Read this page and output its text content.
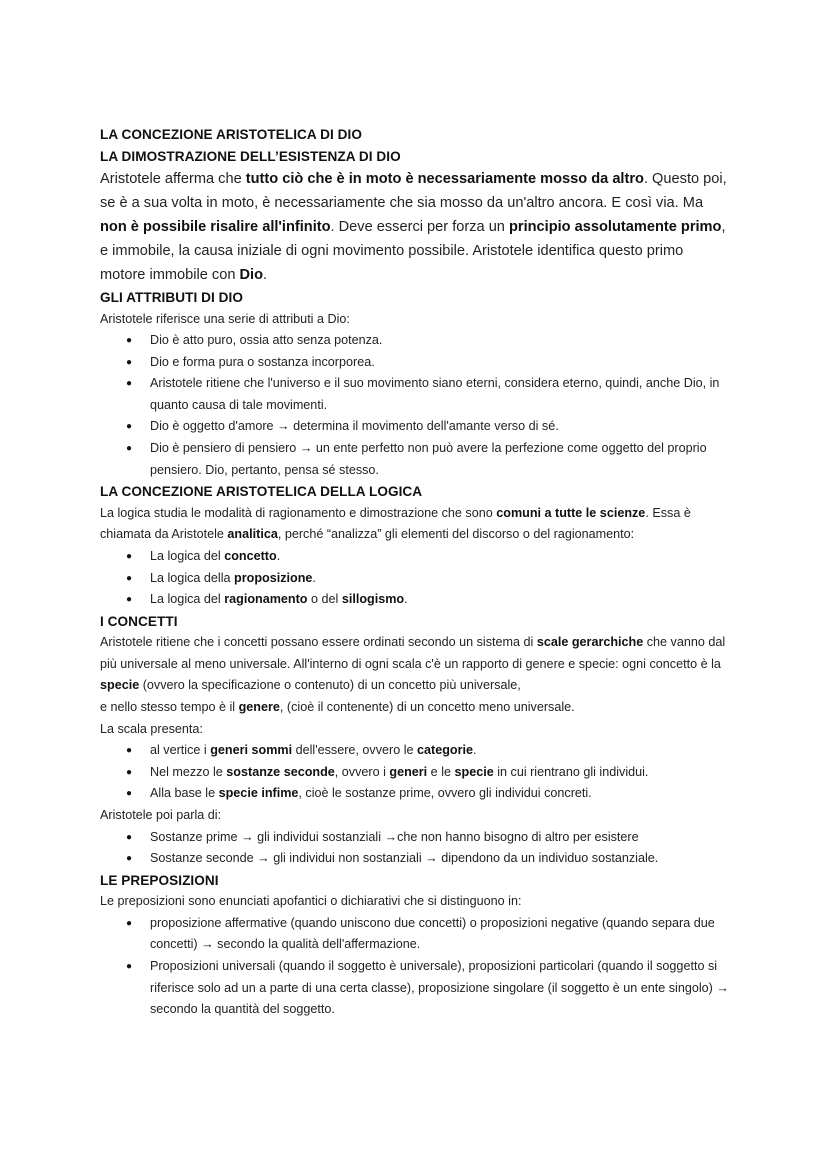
LA CONCEZIONE ARISTOTELICA DI DIO
LA DIMOSTRAZIONE DELL’ESISTENZA DI DIO

Aristotele afferma che tutto ciò che è in moto è necessariamente mosso da altro. Questo poi, se è a sua volta in moto, è necessariamente che sia mosso da un'altro ancora. E così via. Ma non è possibile risalire all'infinito. Deve esserci per forza un principio assolutamente primo, e immobile, la causa iniziale di ogni movimento possibile. Aristotele identifica questo primo motore immobile con Dio.

GLI ATTRIBUTI DI DIO

Aristotele riferisce una serie di attributi a Dio:

● Dio è atto puro, ossia atto senza potenza.
● Dio e forma pura o sostanza incorporea.
● Aristotele ritiene che l'universo e il suo movimento siano eterni, considera eterno, quindi, anche Dio, in quanto causa di tale movimenti.
● Dio è oggetto d'amore → determina il movimento dell'amante verso di sé.
● Dio è pensiero di pensiero → un ente perfetto non può avere la perfezione come oggetto del proprio pensiero. Dio, pertanto, pensa sé stesso.
LA CONCEZIONE ARISTOTELICA DELLA LOGICA

La logica studia le modalità di ragionamento e dimostrazione che sono comuni a tutte le scienze. Essa è chiamata da Aristotele analitica, perché “analizza” gli elementi del discorso o del ragionamento:

● La logica del concetto.
● La logica della proposizione.
● La logica del ragionamento o del sillogismo.
I CONCETTI

Aristotele ritiene che i concetti possano essere ordinati secondo un sistema di scale gerarchiche che vanno dal più universale al meno universale. All'interno di ogni scala c'è un rapporto di genere e specie: ogni concetto è la specie (ovvero la specificazione o contenuto) di un concetto più universale,
e nello stesso tempo è il genere, (cioè il contenente) di un concetto meno universale.

La scala presenta:

● al vertice i generi sommi dell'essere, ovvero le categorie.
● Nel mezzo le sostanze seconde, ovvero i generi e le specie in cui rientrano gli individui.
● Alla base le specie infime, cioè le sostanze prime, ovvero gli individui concreti.

Aristotele poi parla di:

● Sostanze prime → gli individui sostanziali →che non hanno bisogno di altro per esistere
● Sostanze seconde → gli individui non sostanziali → dipendono da un individuo sostanziale.
LE PREPOSIZIONI

Le preposizioni sono enunciati apofantici o dichiarativi che si distinguono in:

● proposizione affermative (quando uniscono due concetti) o proposizioni negative (quando separa due concetti) → secondo la qualità dell'affermazione.
● Proposizioni universali (quando il soggetto è universale), proposizioni particolari (quando il soggetto si riferisce solo ad un a parte di una certa classe), proposizione singolare (il soggetto è un ente singolo) → secondo la quantità del soggetto.
